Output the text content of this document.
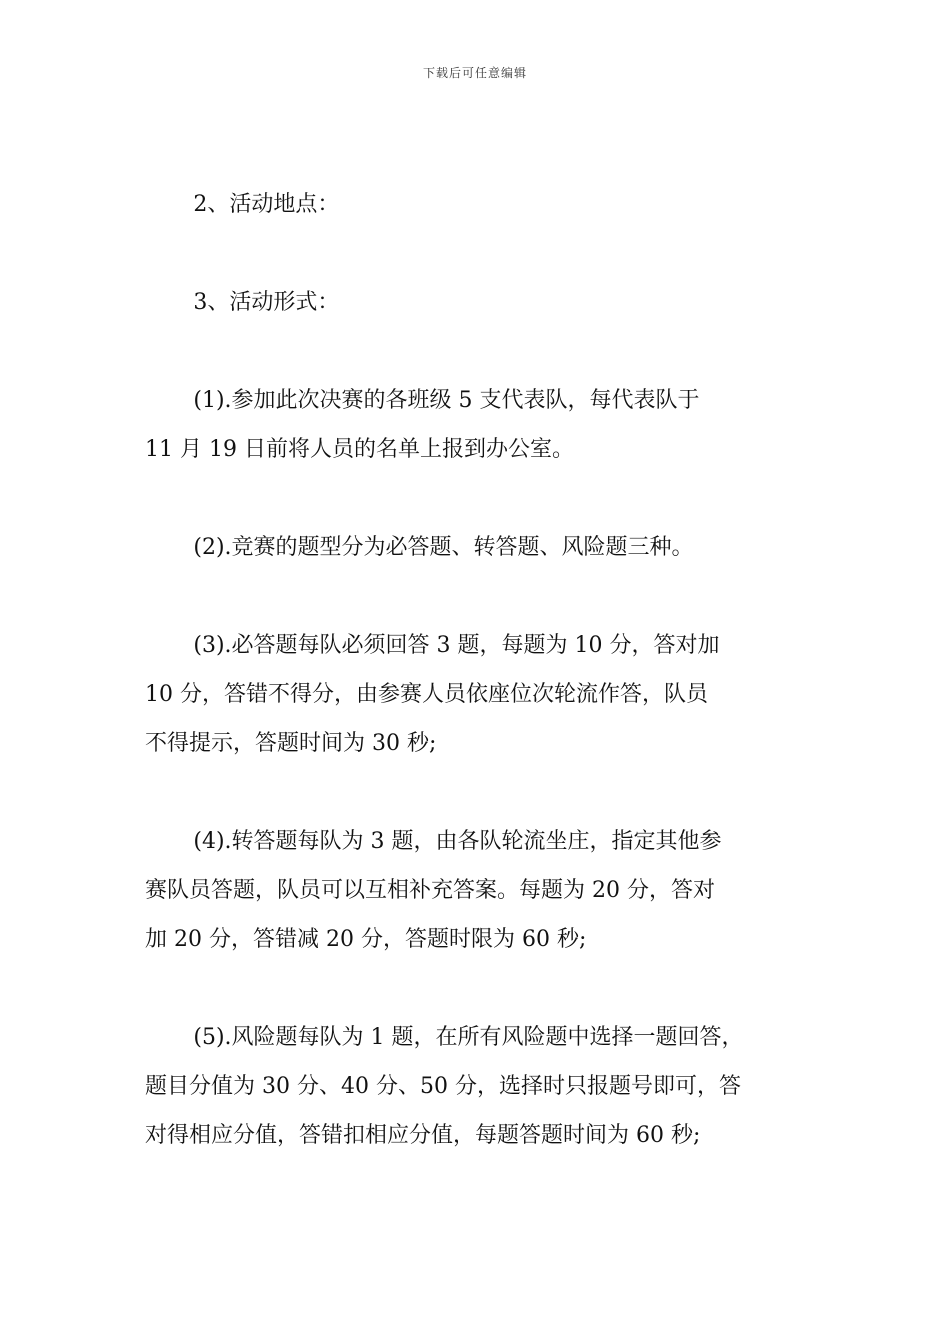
下载后可任意编辑

2、活动地点：

3、活动形式：

(1).参加此次决赛的各班级 5 支代表队，每代表队于
11 月 19 日前将人员的名单上报到办公室。

(2).竞赛的题型分为必答题、转答题、风险题三种。

(3).必答题每队必须回答 3 题，每题为 10 分，答对加
10 分，答错不得分，由参赛人员依座位次轮流作答，队员
不得提示，答题时间为 30 秒;

(4).转答题每队为 3 题，由各队轮流坐庄，指定其他参
赛队员答题，队员可以互相补充答案。每题为 20 分，答对
加 20 分，答错减 20 分，答题时限为 60 秒;

(5).风险题每队为 1 题，在所有风险题中选择一题回答，
题目分值为 30 分、40 分、50 分，选择时只报题号即可，答
对得相应分值，答错扣相应分值，每题答题时间为 60 秒;
